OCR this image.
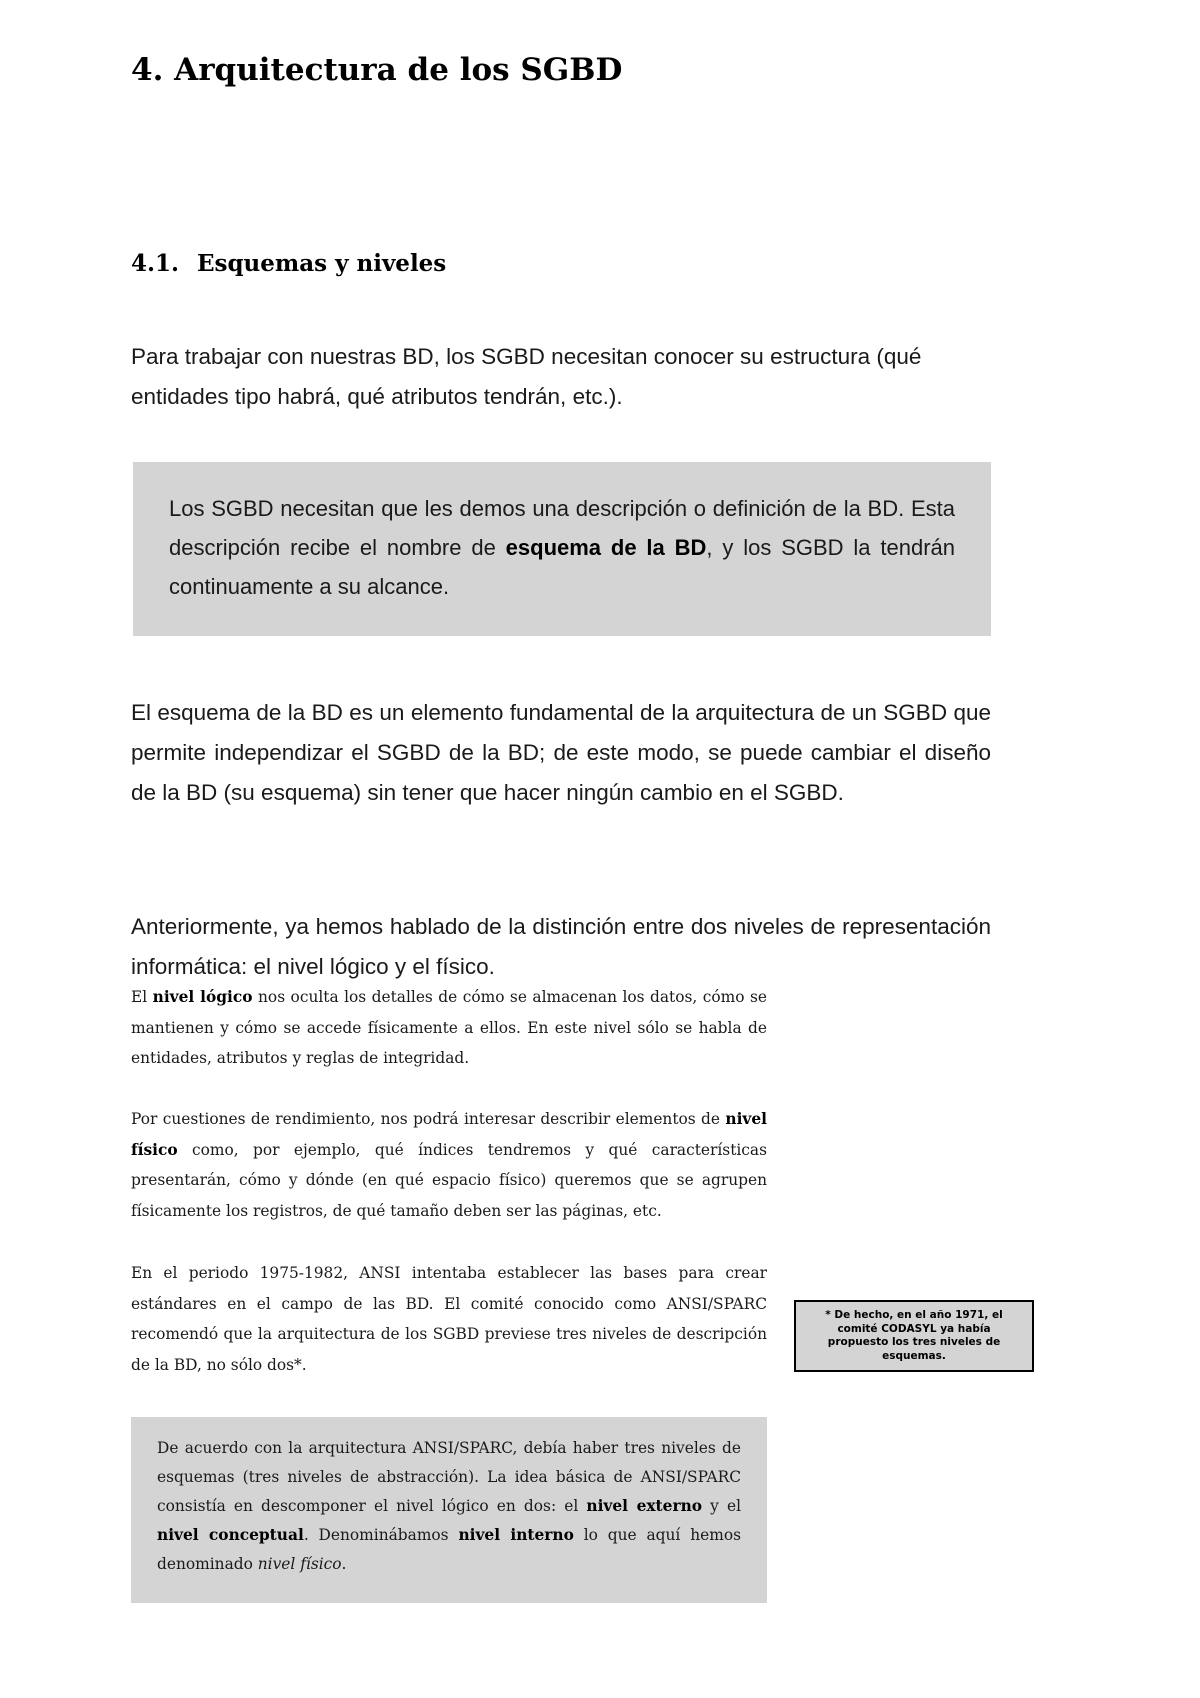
4. Arquitectura de los SGBD
4.1. Esquemas y niveles

Para trabajar con nuestras BD, los SGBD necesitan conocer su estructura (qué entidades tipo habrá, qué atributos tendrán, etc.).

Los SGBD necesitan que les demos una descripción o definición de la BD. Esta descripción recibe el nombre de esquema de la BD, y los SGBD la tendrán continuamente a su alcance.

El esquema de la BD es un elemento fundamental de la arquitectura de un SGBD que permite independizar el SGBD de la BD; de este modo, se puede cambiar el diseño de la BD (su esquema) sin tener que hacer ningún cambio en el SGBD.

Anteriormente, ya hemos hablado de la distinción entre dos niveles de representación informática: el nivel lógico y el físico.

El nivel lógico nos oculta los detalles de cómo se almacenan los datos, cómo se mantienen y cómo se accede físicamente a ellos. En este nivel sólo se habla de entidades, atributos y reglas de integridad.

Por cuestiones de rendimiento, nos podrá interesar describir elementos de nivel físico como, por ejemplo, qué índices tendremos y qué características presentarán, cómo y dónde (en qué espacio físico) queremos que se agrupen físicamente los registros, de qué tamaño deben ser las páginas, etc.

En el periodo 1975-1982, ANSI intentaba establecer las bases para crear estándares en el campo de las BD. El comité conocido como ANSI/SPARC recomendó que la arquitectura de los SGBD previese tres niveles de descripción de la BD, no sólo dos*.

* De hecho, en el año 1971, el comité CODASYL ya había propuesto los tres niveles de esquemas.

De acuerdo con la arquitectura ANSI/SPARC, debía haber tres niveles de esquemas (tres niveles de abstracción). La idea básica de ANSI/SPARC consistía en descomponer el nivel lógico en dos: el nivel externo y el nivel conceptual. Denominábamos nivel interno lo que aquí hemos denominado nivel físico.
